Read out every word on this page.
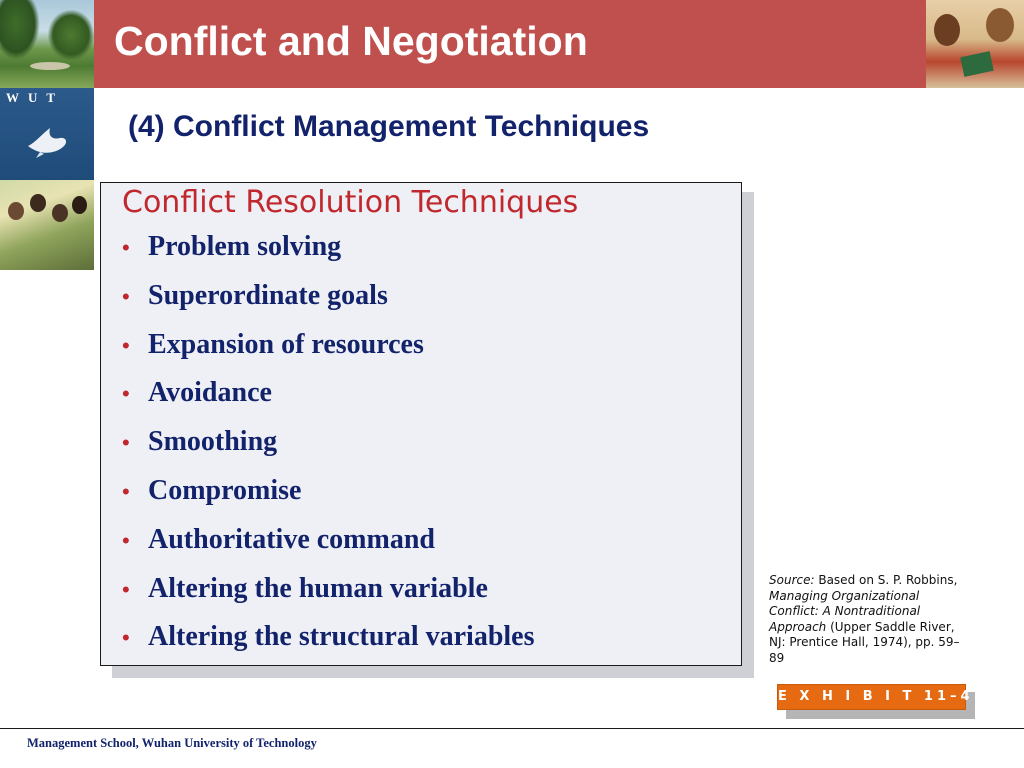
W U T
Conflict and Negotiation
(4) Conflict Management Techniques
Conflict Resolution Techniques
• Problem solving
• Superordinate goals
• Expansion of resources
• Avoidance
• Smoothing
• Compromise
• Authoritative command
• Altering the human variable
• Altering the structural variables
Source: Based on S. P. Robbins, Managing Organizational Conflict: A Nontraditional Approach (Upper Saddle River, NJ: Prentice Hall, 1974), pp. 59–89
E X H I B I T 11–4
Management School, Wuhan University of Technology
